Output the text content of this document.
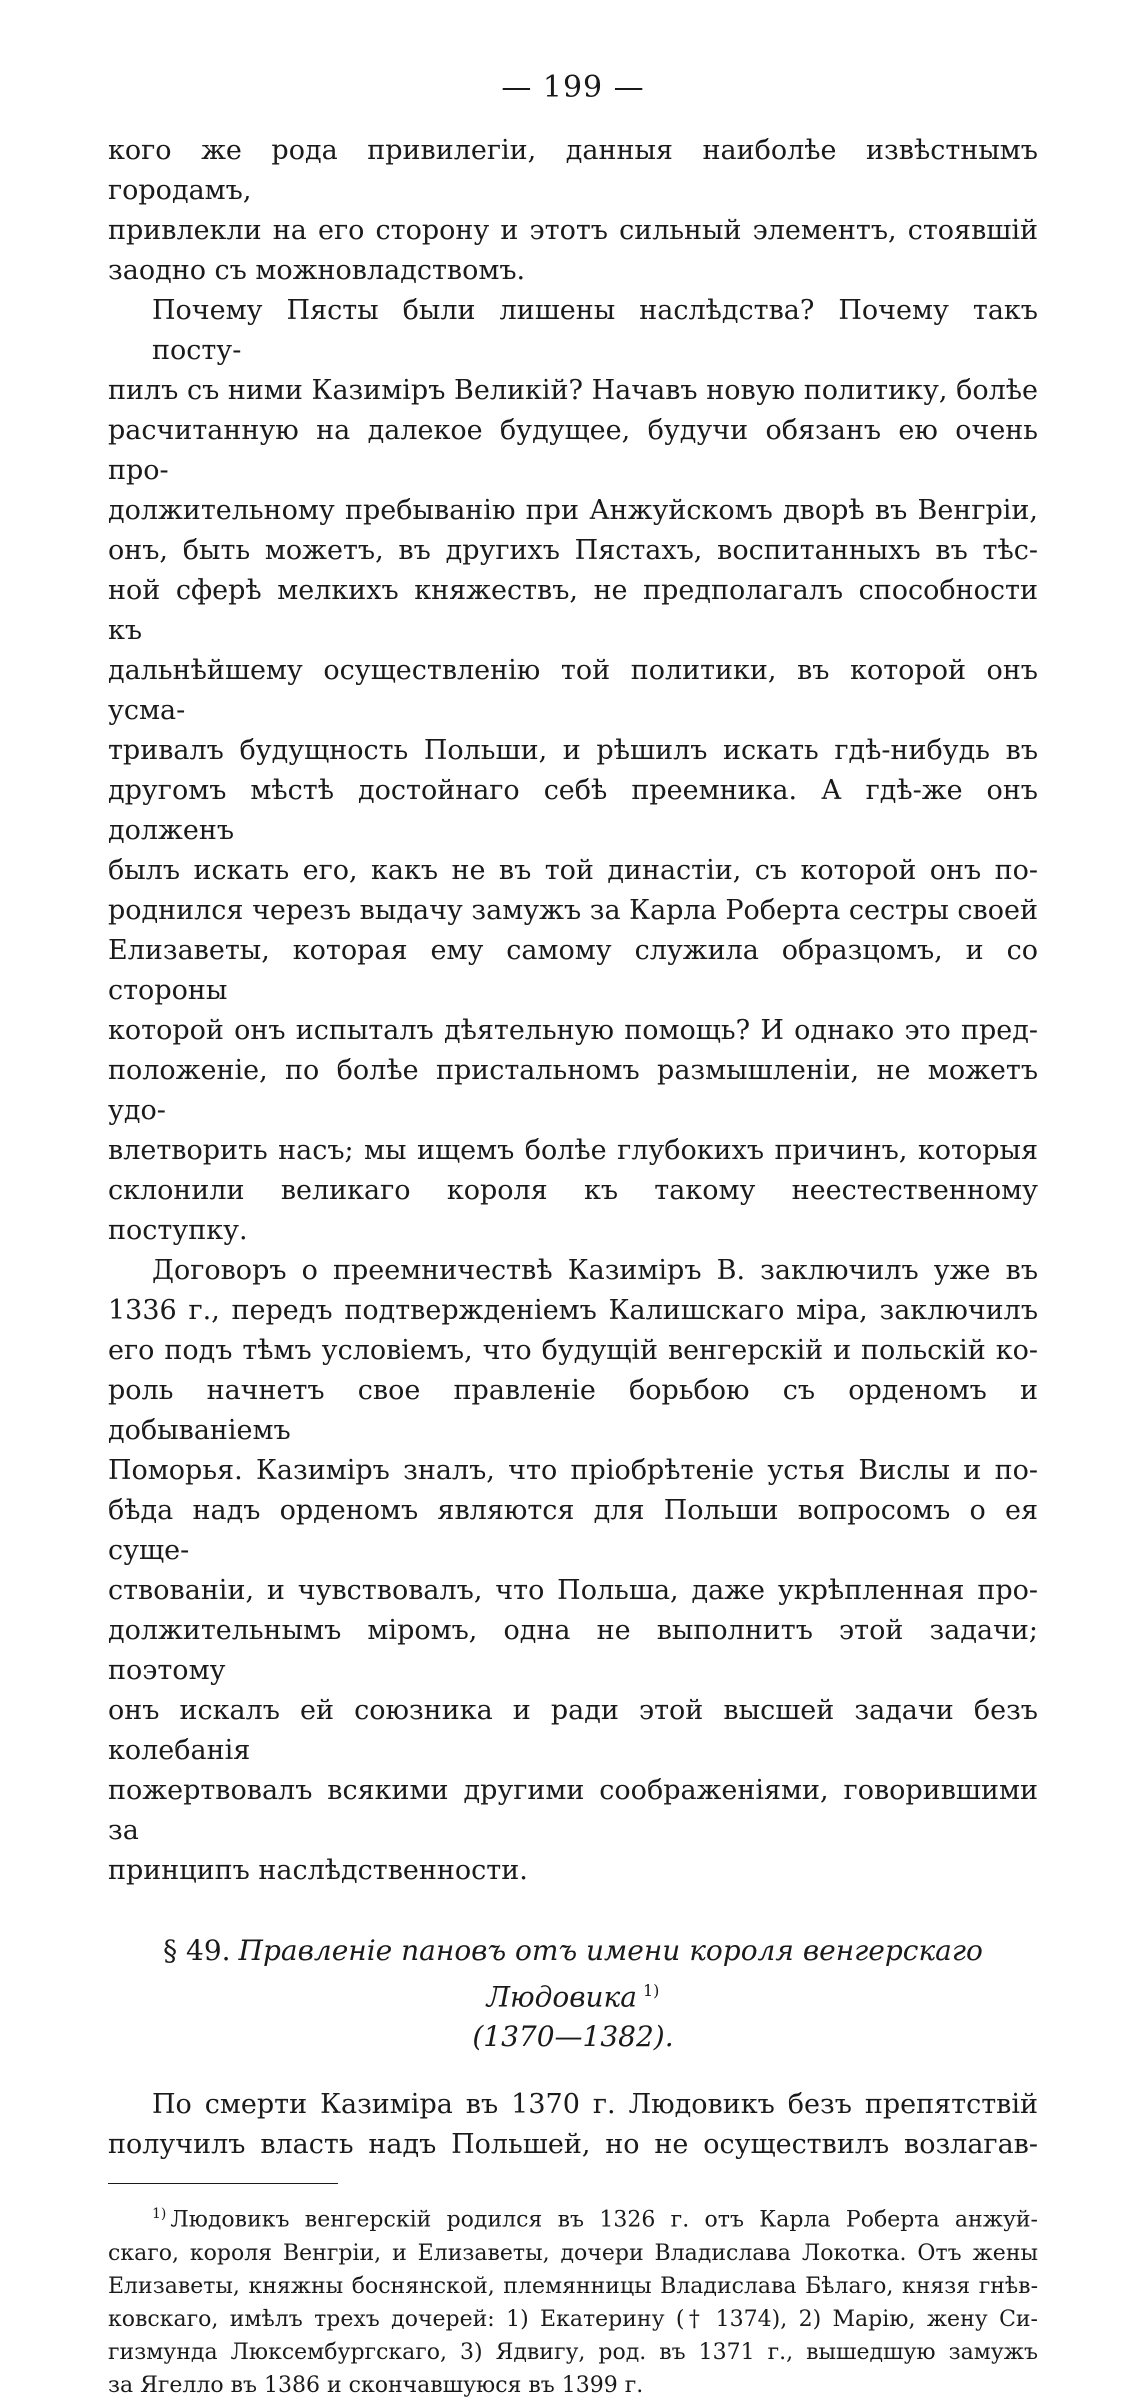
— 199 —

кого же рода привилегіи, данныя наиболѣе извѣстнымъ городамъ,
привлекли на его сторону и этотъ сильный элементъ, стоявшій
заодно съ можновладствомъ.

Почему Пясты были лишены наслѣдства? Почему такъ посту-
пилъ съ ними Казиміръ Великій? Начавъ новую политику, болѣе
расчитанную на далекое будущее, будучи обязанъ ею очень про-
должительному пребыванію при Анжуйскомъ дворѣ въ Венгріи,
онъ, быть можетъ, въ другихъ Пястахъ, воспитанныхъ въ тѣс-
ной сферѣ мелкихъ княжествъ, не предполагалъ способности къ
дальнѣйшему осуществленію той политики, въ которой онъ усма-
тривалъ будущность Польши, и рѣшилъ искать гдѣ-нибудь въ
другомъ мѣстѣ достойнаго себѣ преемника. А гдѣ-же онъ долженъ
былъ искать его, какъ не въ той династіи, съ которой онъ по-
роднился черезъ выдачу замужъ за Карла Роберта сестры своей
Елизаветы, которая ему самому служила образцомъ, и со стороны
которой онъ испыталъ дѣятельную помощь? И однако это пред-
положеніе, по болѣе пристальномъ размышленіи, не можетъ удо-
влетворить насъ; мы ищемъ болѣе глубокихъ причинъ, которыя
склонили великаго короля къ такому неестественному поступку.

Договоръ о преемничествѣ Казиміръ В. заключилъ уже въ
1336 г., передъ подтвержденіемъ Калишскаго міра, заключилъ
его подъ тѣмъ условіемъ, что будущій венгерскій и польскій ко-
роль начнетъ свое правленіе борьбою съ орденомъ и добываніемъ
Поморья. Казиміръ зналъ, что пріобрѣтеніе устья Вислы и по-
бѣда надъ орденомъ являются для Польши вопросомъ о ея суще-
ствованіи, и чувствовалъ, что Польша, даже укрѣпленная про-
должительнымъ міромъ, одна не выполнитъ этой задачи; поэтому
онъ искалъ ей союзника и ради этой высшей задачи безъ колебанія
пожертвовалъ всякими другими соображеніями, говорившими за
принципъ наслѣдственности.

§ 49. Правленіе пановъ отъ имени короля венгерскаго Людовика $^{1)}$
(1370—1382).

По смерти Казиміра въ 1370 г. Людовикъ безъ препятствій
получилъ власть надъ Польшей, но не осуществилъ возлагав-

$^{1)}$ Людовикъ венгерскій родился въ 1326 г. отъ Карла Роберта анжуй-
скаго, короля Венгріи, и Елизаветы, дочери Владислава Локотка. Отъ жены
Елизаветы, княжны боснянской, племянницы Владислава Бѣлаго, князя гнѣв-
ковскаго, имѣлъ трехъ дочерей: 1) Екатерину († 1374), 2) Марію, жену Си-
гизмунда Люксембургскаго, 3) Ядвигу, род. въ 1371 г., вышедшую замужъ
за Ягелло въ 1386 и скончавшуюся въ 1399 г.
